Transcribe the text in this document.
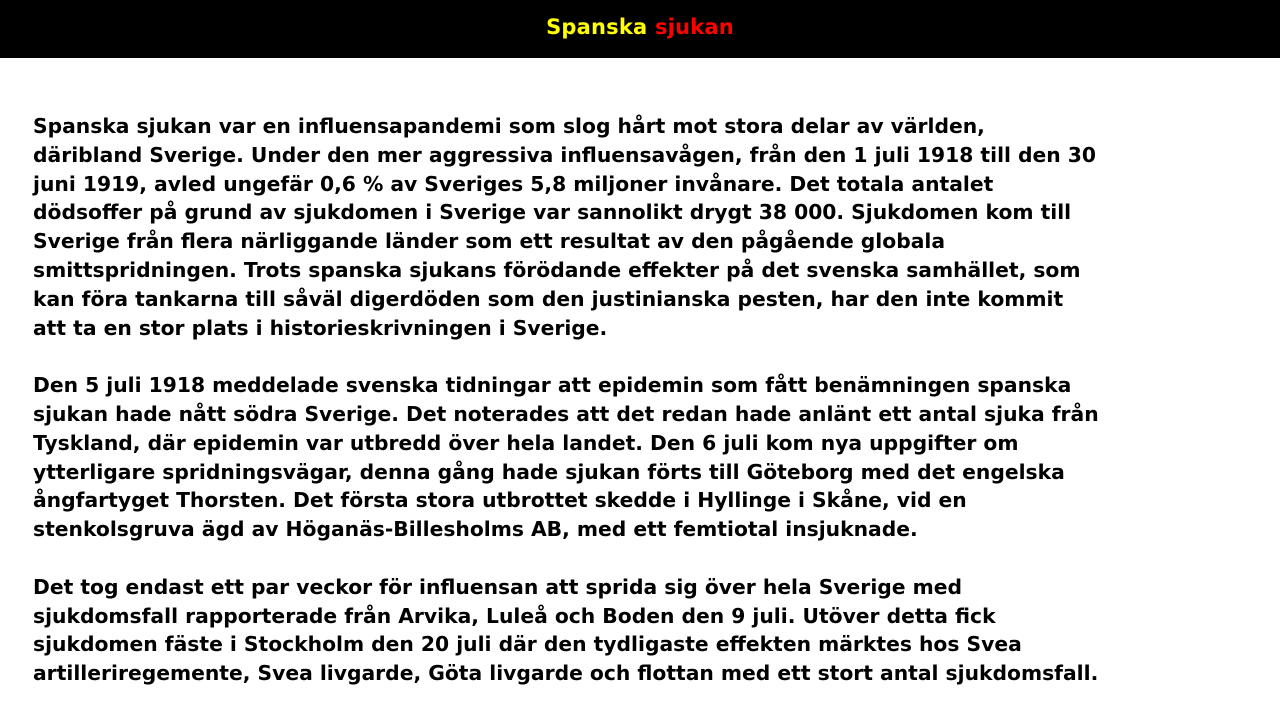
Spanska sjukan

Spanska sjukan var en influensapandemi som slog hårt mot stora delar av världen,
däribland Sverige. Under den mer aggressiva influensavågen, från den 1 juli 1918 till den 30
juni 1919, avled ungefär 0,6 % av Sveriges 5,8 miljoner invånare. Det totala antalet
dödsoffer på grund av sjukdomen i Sverige var sannolikt drygt 38 000. Sjukdomen kom till
Sverige från flera närliggande länder som ett resultat av den pågående globala
smittspridningen. Trots spanska sjukans förödande effekter på det svenska samhället, som
kan föra tankarna till såväl digerdöden som den justinianska pesten, har den inte kommit
att ta en stor plats i historieskrivningen i Sverige.

Den 5 juli 1918 meddelade svenska tidningar att epidemin som fått benämningen spanska
sjukan hade nått södra Sverige. Det noterades att det redan hade anlänt ett antal sjuka från
Tyskland, där epidemin var utbredd över hela landet. Den 6 juli kom nya uppgifter om
ytterligare spridningsvägar, denna gång hade sjukan förts till Göteborg med det engelska
ångfartyget Thorsten. Det första stora utbrottet skedde i Hyllinge i Skåne, vid en
stenkolsgruva ägd av Höganäs-Billesholms AB, med ett femtiotal insjuknade.

Det tog endast ett par veckor för influensan att sprida sig över hela Sverige med
sjukdomsfall rapporterade från Arvika, Luleå och Boden den 9 juli. Utöver detta fick
sjukdomen fäste i Stockholm den 20 juli där den tydligaste effekten märktes hos Svea
artilleriregemente, Svea livgarde, Göta livgarde och flottan med ett stort antal sjukdomsfall.
